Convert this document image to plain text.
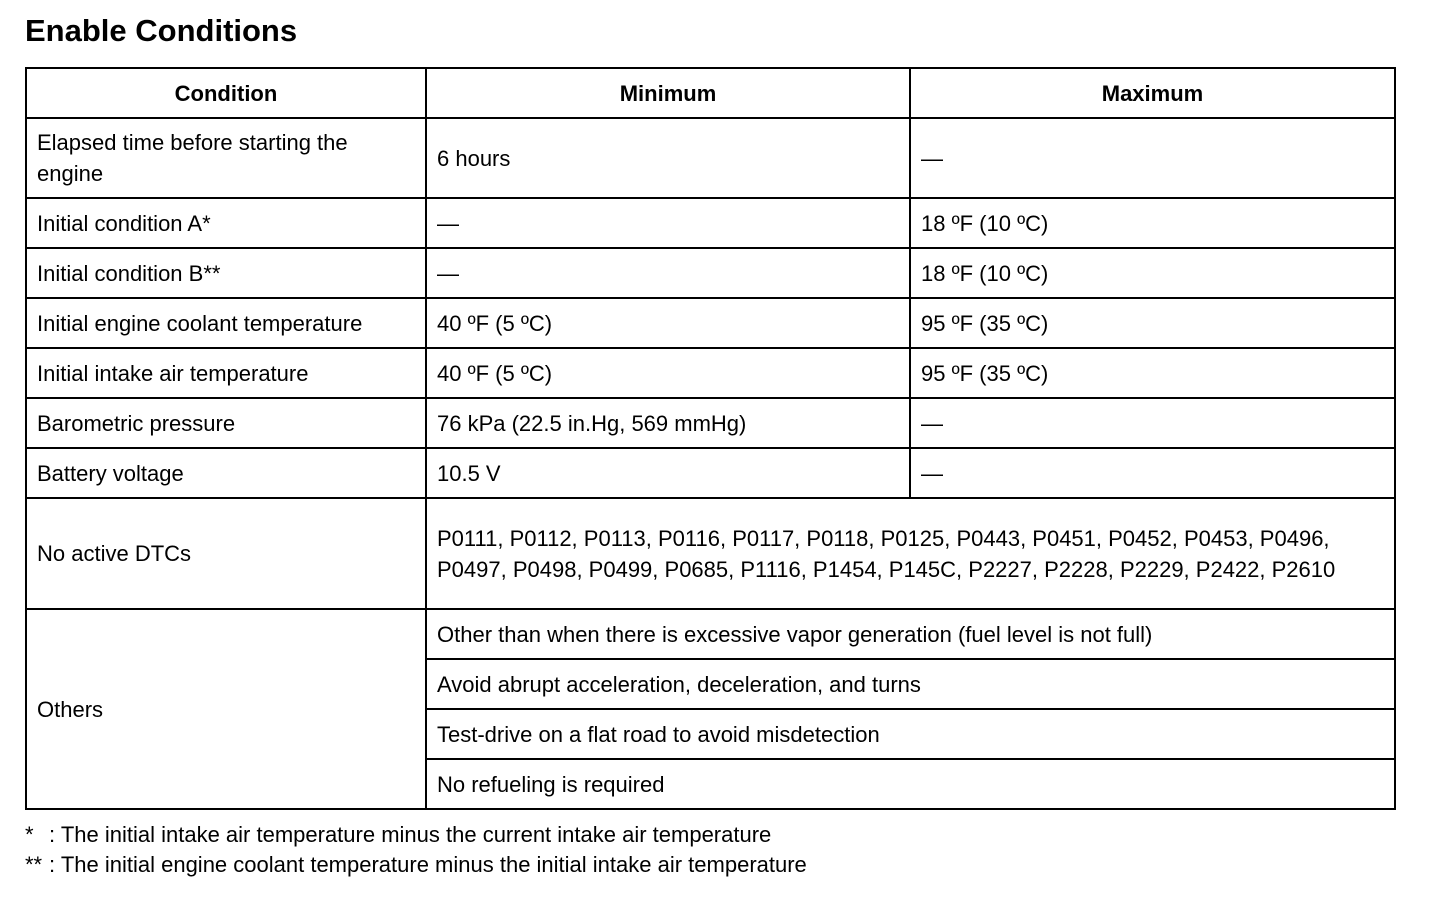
Enable Conditions
Condition	Minimum	Maximum
Elapsed time before starting the engine	6 hours	—
Initial condition A*	—	18 ºF (10 ºC)
Initial condition B**	—	18 ºF (10 ºC)
Initial engine coolant temperature	40 ºF (5 ºC)	95 ºF (35 ºC)
Initial intake air temperature	40 ºF (5 ºC)	95 ºF (35 ºC)
Barometric pressure	76 kPa (22.5 in.Hg, 569 mmHg)	—
Battery voltage	10.5 V	—
No active DTCs	P0111, P0112, P0113, P0116, P0117, P0118, P0125, P0443, P0451, P0452, P0453, P0496, P0497, P0498, P0499, P0685, P1116, P1454, P145C, P2227, P2228, P2229, P2422, P2610	
Others	Other than when there is excessive vapor generation (fuel level is not full)	
	Avoid abrupt acceleration, deceleration, and turns	
	Test-drive on a flat road to avoid misdetection	
	No refueling is required	
* : The initial intake air temperature minus the current intake air temperature
** : The initial engine coolant temperature minus the initial intake air temperature
